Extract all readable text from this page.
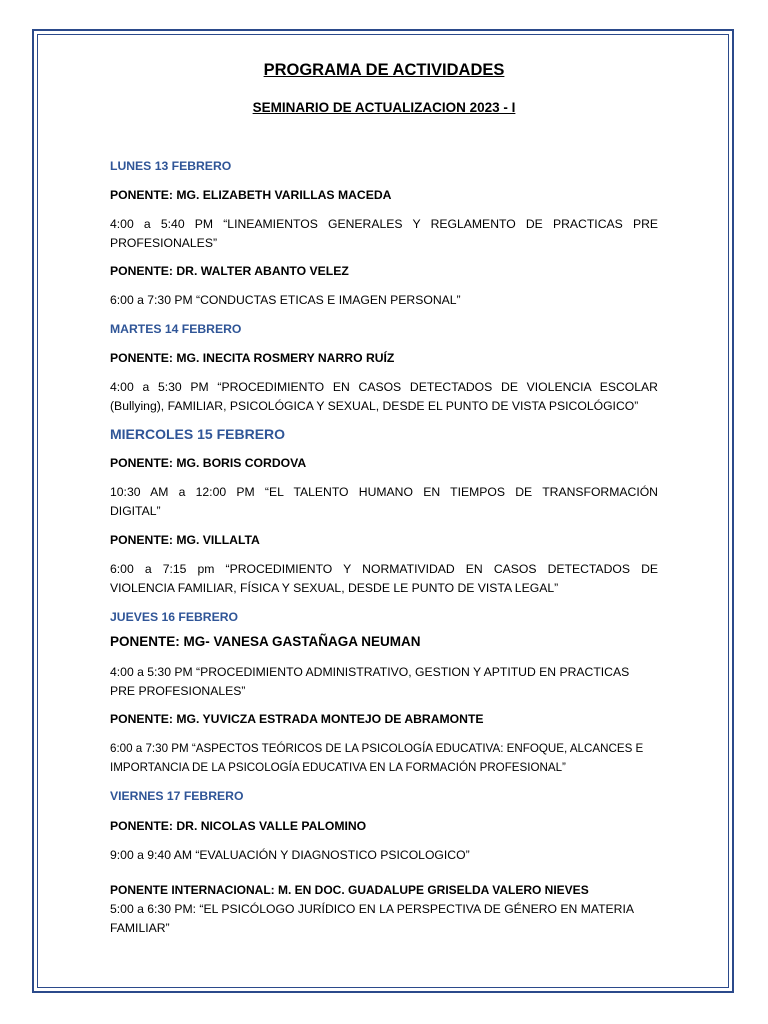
PROGRAMA DE ACTIVIDADES
SEMINARIO DE ACTUALIZACION 2023 - I
LUNES 13 FEBRERO
PONENTE: MG. ELIZABETH VARILLAS MACEDA
4:00 a 5:40 PM “LINEAMIENTOS GENERALES Y REGLAMENTO DE PRACTICAS PRE
PROFESIONALES”
PONENTE: DR. WALTER ABANTO VELEZ
6:00 a 7:30 PM “CONDUCTAS ETICAS E IMAGEN PERSONAL”
MARTES 14 FEBRERO
PONENTE: MG. INECITA ROSMERY NARRO RUÍZ
4:00 a 5:30 PM “PROCEDIMIENTO EN CASOS DETECTADOS DE VIOLENCIA ESCOLAR
(Bullying), FAMILIAR, PSICOLÓGICA Y SEXUAL, DESDE EL PUNTO DE VISTA PSICOLÓGICO”
MIERCOLES 15 FEBRERO
PONENTE: MG. BORIS CORDOVA
10:30 AM a 12:00 PM “EL TALENTO HUMANO EN TIEMPOS DE TRANSFORMACIÓN
DIGITAL”
PONENTE: MG. VILLALTA
6:00 a 7:15 pm “PROCEDIMIENTO Y NORMATIVIDAD EN CASOS DETECTADOS DE
VIOLENCIA FAMILIAR, FÍSICA Y SEXUAL, DESDE LE PUNTO DE VISTA LEGAL”
JUEVES 16 FEBRERO
PONENTE: MG- VANESA GASTAÑAGA NEUMAN
4:00 a 5:30 PM “PROCEDIMIENTO ADMINISTRATIVO, GESTION Y APTITUD EN PRACTICAS
PRE PROFESIONALES”
PONENTE: MG. YUVICZA ESTRADA MONTEJO DE ABRAMONTE
6:00 a 7:30 PM “ASPECTOS TEÓRICOS DE LA PSICOLOGÍA EDUCATIVA: ENFOQUE, ALCANCES E
IMPORTANCIA DE LA PSICOLOGÍA EDUCATIVA EN LA FORMACIÓN PROFESIONAL”
VIERNES 17 FEBRERO
PONENTE: DR. NICOLAS VALLE PALOMINO
9:00 a 9:40 AM “EVALUACIÓN Y DIAGNOSTICO PSICOLOGICO”
PONENTE INTERNACIONAL: M. EN DOC. GUADALUPE GRISELDA VALERO NIEVES
5:00 a 6:30 PM: “EL PSICÓLOGO JURÍDICO EN LA PERSPECTIVA DE GÉNERO EN MATERIA
FAMILIAR”
